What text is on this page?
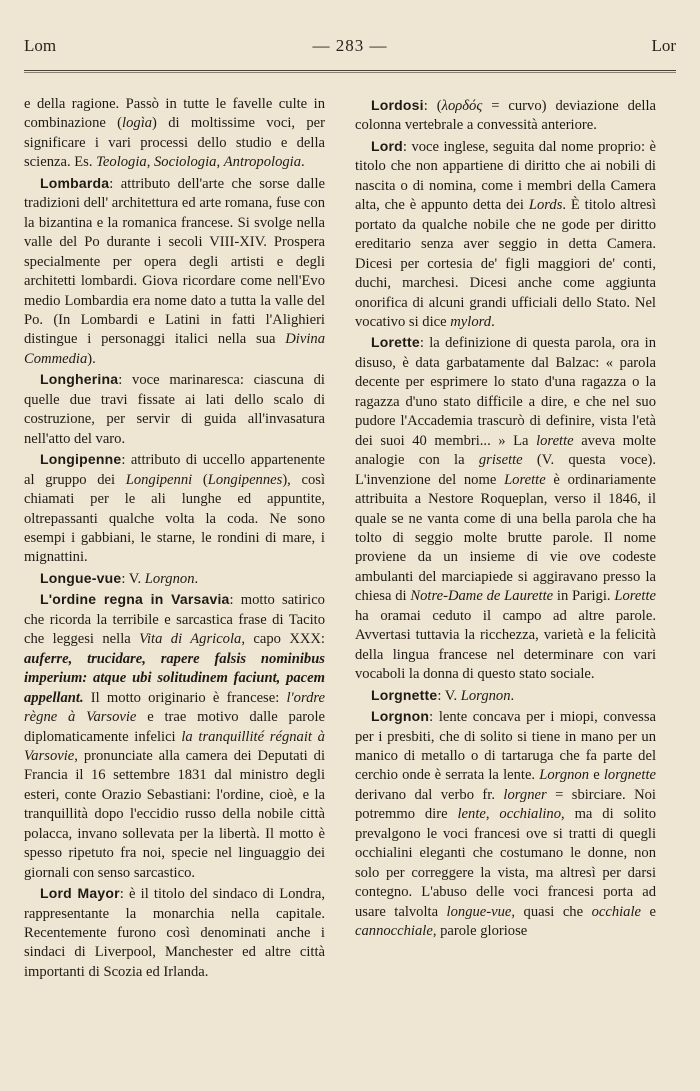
Lom	— 283 —	Lor

e della ragione. Passò in tutte le favelle culte in combinazione (logìa) di moltissime voci, per significare i vari processi dello studio e della scienza. Es. Teologia, Sociologia, Antropologia.

Lombarda: attributo dell'arte che sorse dalle tradizioni dell' architettura ed arte romana, fuse con la bizantina e la romanica francese. Si svolge nella valle del Po durante i secoli VIII-XIV. Prospera specialmente per opera degli artisti e degli architetti lombardi. Giova ricordare come nell'Evo medio Lombardia era nome dato a tutta la valle del Po. (In Lombardi e Latini in fatti l'Alighieri distingue i personaggi italici nella sua Divina Commedia).

Longherina: voce marinaresca: ciascuna di quelle due travi fissate ai lati dello scalo di costruzione, per servir di guida all'invasatura nell'atto del varo.

Longipenne: attributo di uccello appartenente al gruppo dei Longipenni (Longipennes), così chiamati per le ali lunghe ed appuntite, oltrepassanti qualche volta la coda. Ne sono esempi i gabbiani, le starne, le rondini di mare, i mignattini.

Longue-vue: V. Lorgnon.

L'ordine regna in Varsavia: motto satirico che ricorda la terribile e sarcastica frase di Tacito che leggesi nella Vita di Agricola, capo XXX: auferre, trucidare, rapere falsis nominibus imperium: atque ubi solitudinem faciunt, pacem appellant. Il motto originario è francese: l'ordre règne à Varsovie e trae motivo dalle parole diplomaticamente infelici la tranquillité régnait à Varsovie, pronunciate alla camera dei Deputati di Francia il 16 settembre 1831 dal ministro degli esteri, conte Orazio Sebastiani: l'ordine, cioè, e la tranquillità dopo l'eccidio russo della nobile città polacca, invano sollevata per la libertà. Il motto è spesso ripetuto fra noi, specie nel linguaggio dei giornali con senso sarcastico.

Lord Mayor: è il titolo del sindaco di Londra, rappresentante la monarchia nella capitale. Recentemente furono così denominati anche i sindaci di Liverpool, Manchester ed altre città importanti di Scozia ed Irlanda.

Lordosi: (λορδός = curvo) deviazione della colonna vertebrale a convessità anteriore.

Lord: voce inglese, seguita dal nome proprio: è titolo che non appartiene di diritto che ai nobili di nascita o di nomina, come i membri della Camera alta, che è appunto detta dei Lords. È titolo altresì portato da qualche nobile che ne gode per diritto ereditario senza aver seggio in detta Camera. Dicesi per cortesia de' figli maggiori de' conti, duchi, marchesi. Dicesi anche come aggiunta onorifica di alcuni grandi ufficiali dello Stato. Nel vocativo si dice mylord.

Lorette: la definizione di questa parola, ora in disuso, è data garbatamente dal Balzac: « parola decente per esprimere lo stato d'una ragazza o la ragazza d'uno stato difficile a dire, e che nel suo pudore l'Accademia trascurò di definire, vista l'età dei suoi 40 membri... » La lorette aveva molte analogie con la grisette (V. questa voce). L'invenzione del nome Lorette è ordinariamente attribuita a Nestore Roqueplan, verso il 1846, il quale se ne vanta come di una bella parola che ha tolto di seggio molte brutte parole. Il nome proviene da un insieme di vie ove codeste ambulanti del marciapiede si aggiravano presso la chiesa di Notre-Dame de Laurette in Parigi. Lorette ha oramai ceduto il campo ad altre parole. Avvertasi tuttavia la ricchezza, varietà e la felicità della lingua francese nel determinare con vari vocaboli la donna di questo stato sociale.

Lorgnette: V. Lorgnon.

Lorgnon: lente concava per i miopi, convessa per i presbiti, che di solito si tiene in mano per un manico di metallo o di tartaruga che fa parte del cerchio onde è serrata la lente. Lorgnon e lorgnette derivano dal verbo fr. lorgner = sbirciare. Noi potremmo dire lente, occhialino, ma di solito prevalgono le voci francesi ove si tratti di quegli occhialini eleganti che costumano le donne, non solo per correggere la vista, ma altresì per darsi contegno. L'abuso delle voci francesi porta ad usare talvolta longue-vue, quasi che occhiale e cannocchiale, parole gloriose
